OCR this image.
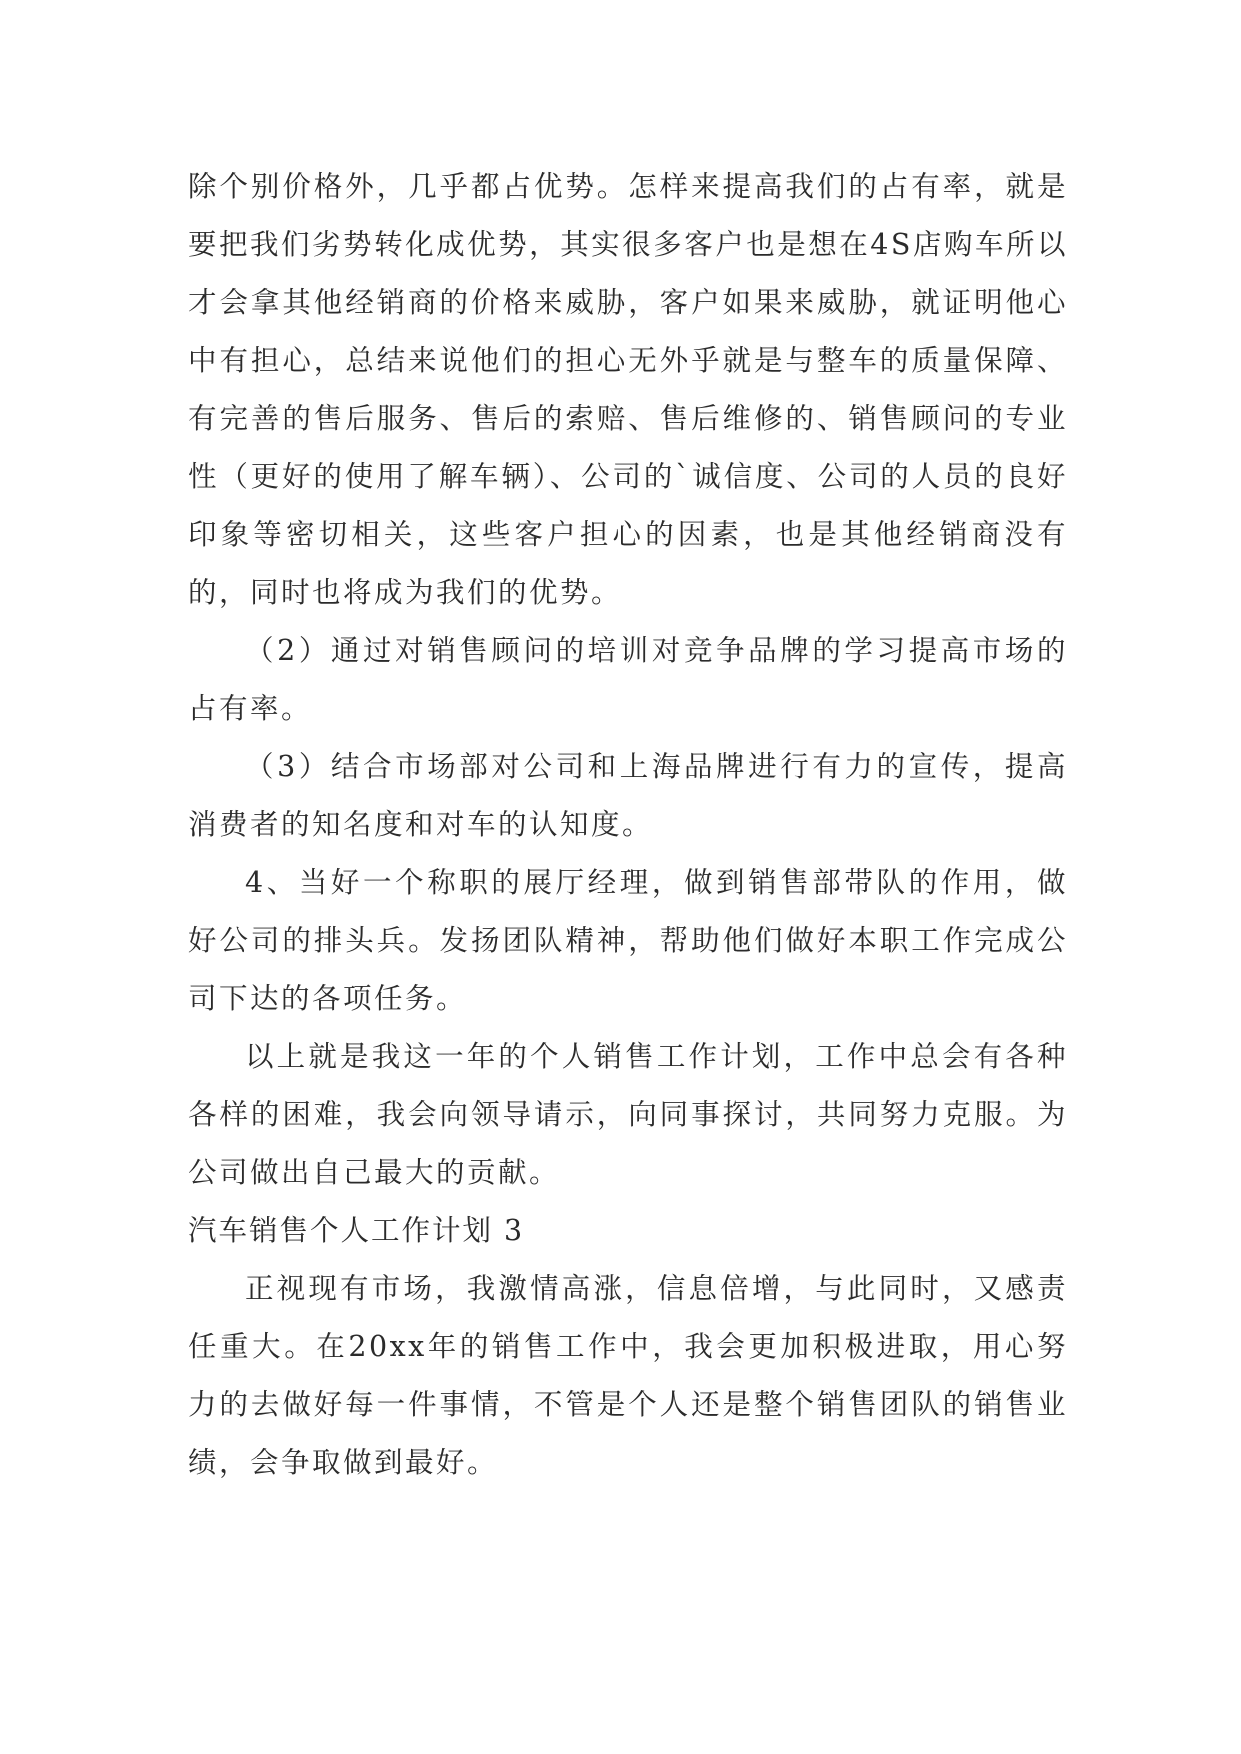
除个别价格外，几乎都占优势。怎样来提高我们的占有率，就是要把我们劣势转化成优势，其实很多客户也是想在4S店购车所以才会拿其他经销商的价格来威胁，客户如果来威胁，就证明他心中有担心，总结来说他们的担心无外乎就是与整车的质量保障、有完善的售后服务、售后的索赔、售后维修的、销售顾问的专业性（更好的使用了解车辆）、公司的`诚信度、公司的人员的良好印象等密切相关，这些客户担心的因素，也是其他经销商没有的，同时也将成为我们的优势。

（2）通过对销售顾问的培训对竞争品牌的学习提高市场的占有率。

（3）结合市场部对公司和上海品牌进行有力的宣传，提高消费者的知名度和对车的认知度。

4、当好一个称职的展厅经理，做到销售部带队的作用，做好公司的排头兵。发扬团队精神，帮助他们做好本职工作完成公司下达的各项任务。

以上就是我这一年的个人销售工作计划，工作中总会有各种各样的困难，我会向领导请示，向同事探讨，共同努力克服。为公司做出自己最大的贡献。

汽车销售个人工作计划 3

正视现有市场，我激情高涨，信息倍增，与此同时，又感责任重大。在20xx年的销售工作中，我会更加积极进取，用心努力的去做好每一件事情，不管是个人还是整个销售团队的销售业绩，会争取做到最好。
